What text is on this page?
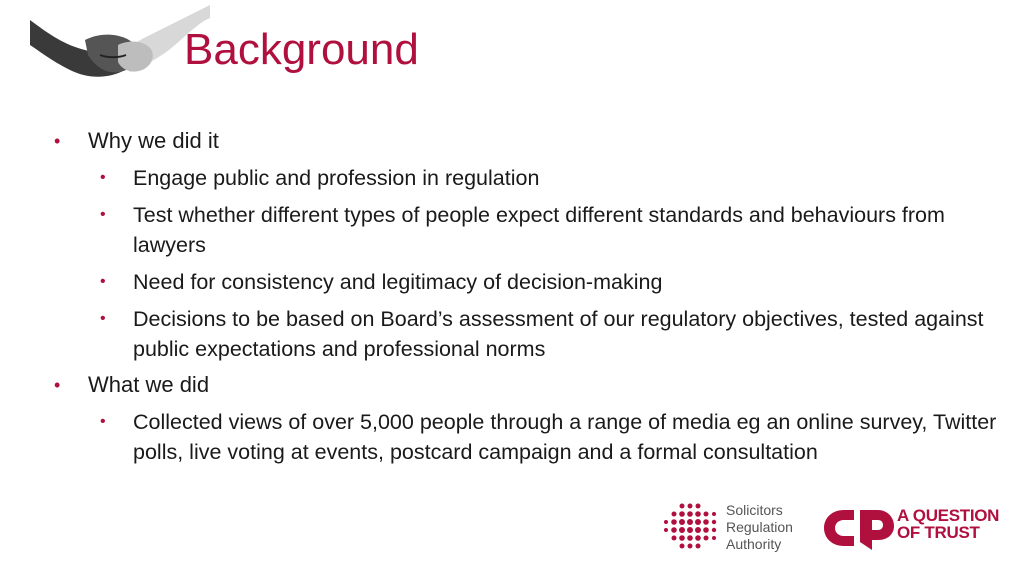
Background
• Why we did it
• Engage public and profession in regulation
• Test whether different types of people expect different standards and behaviours from lawyers
• Need for consistency and legitimacy of decision-making
• Decisions to be based on Board’s assessment of our regulatory objectives, tested against public expectations and professional norms
• What we did
• Collected views of over 5,000 people through a range of media eg an online survey, Twitter polls, live voting at events, postcard campaign and a formal consultation
Solicitors
Regulation
Authority
A QUESTION
OF TRUST
